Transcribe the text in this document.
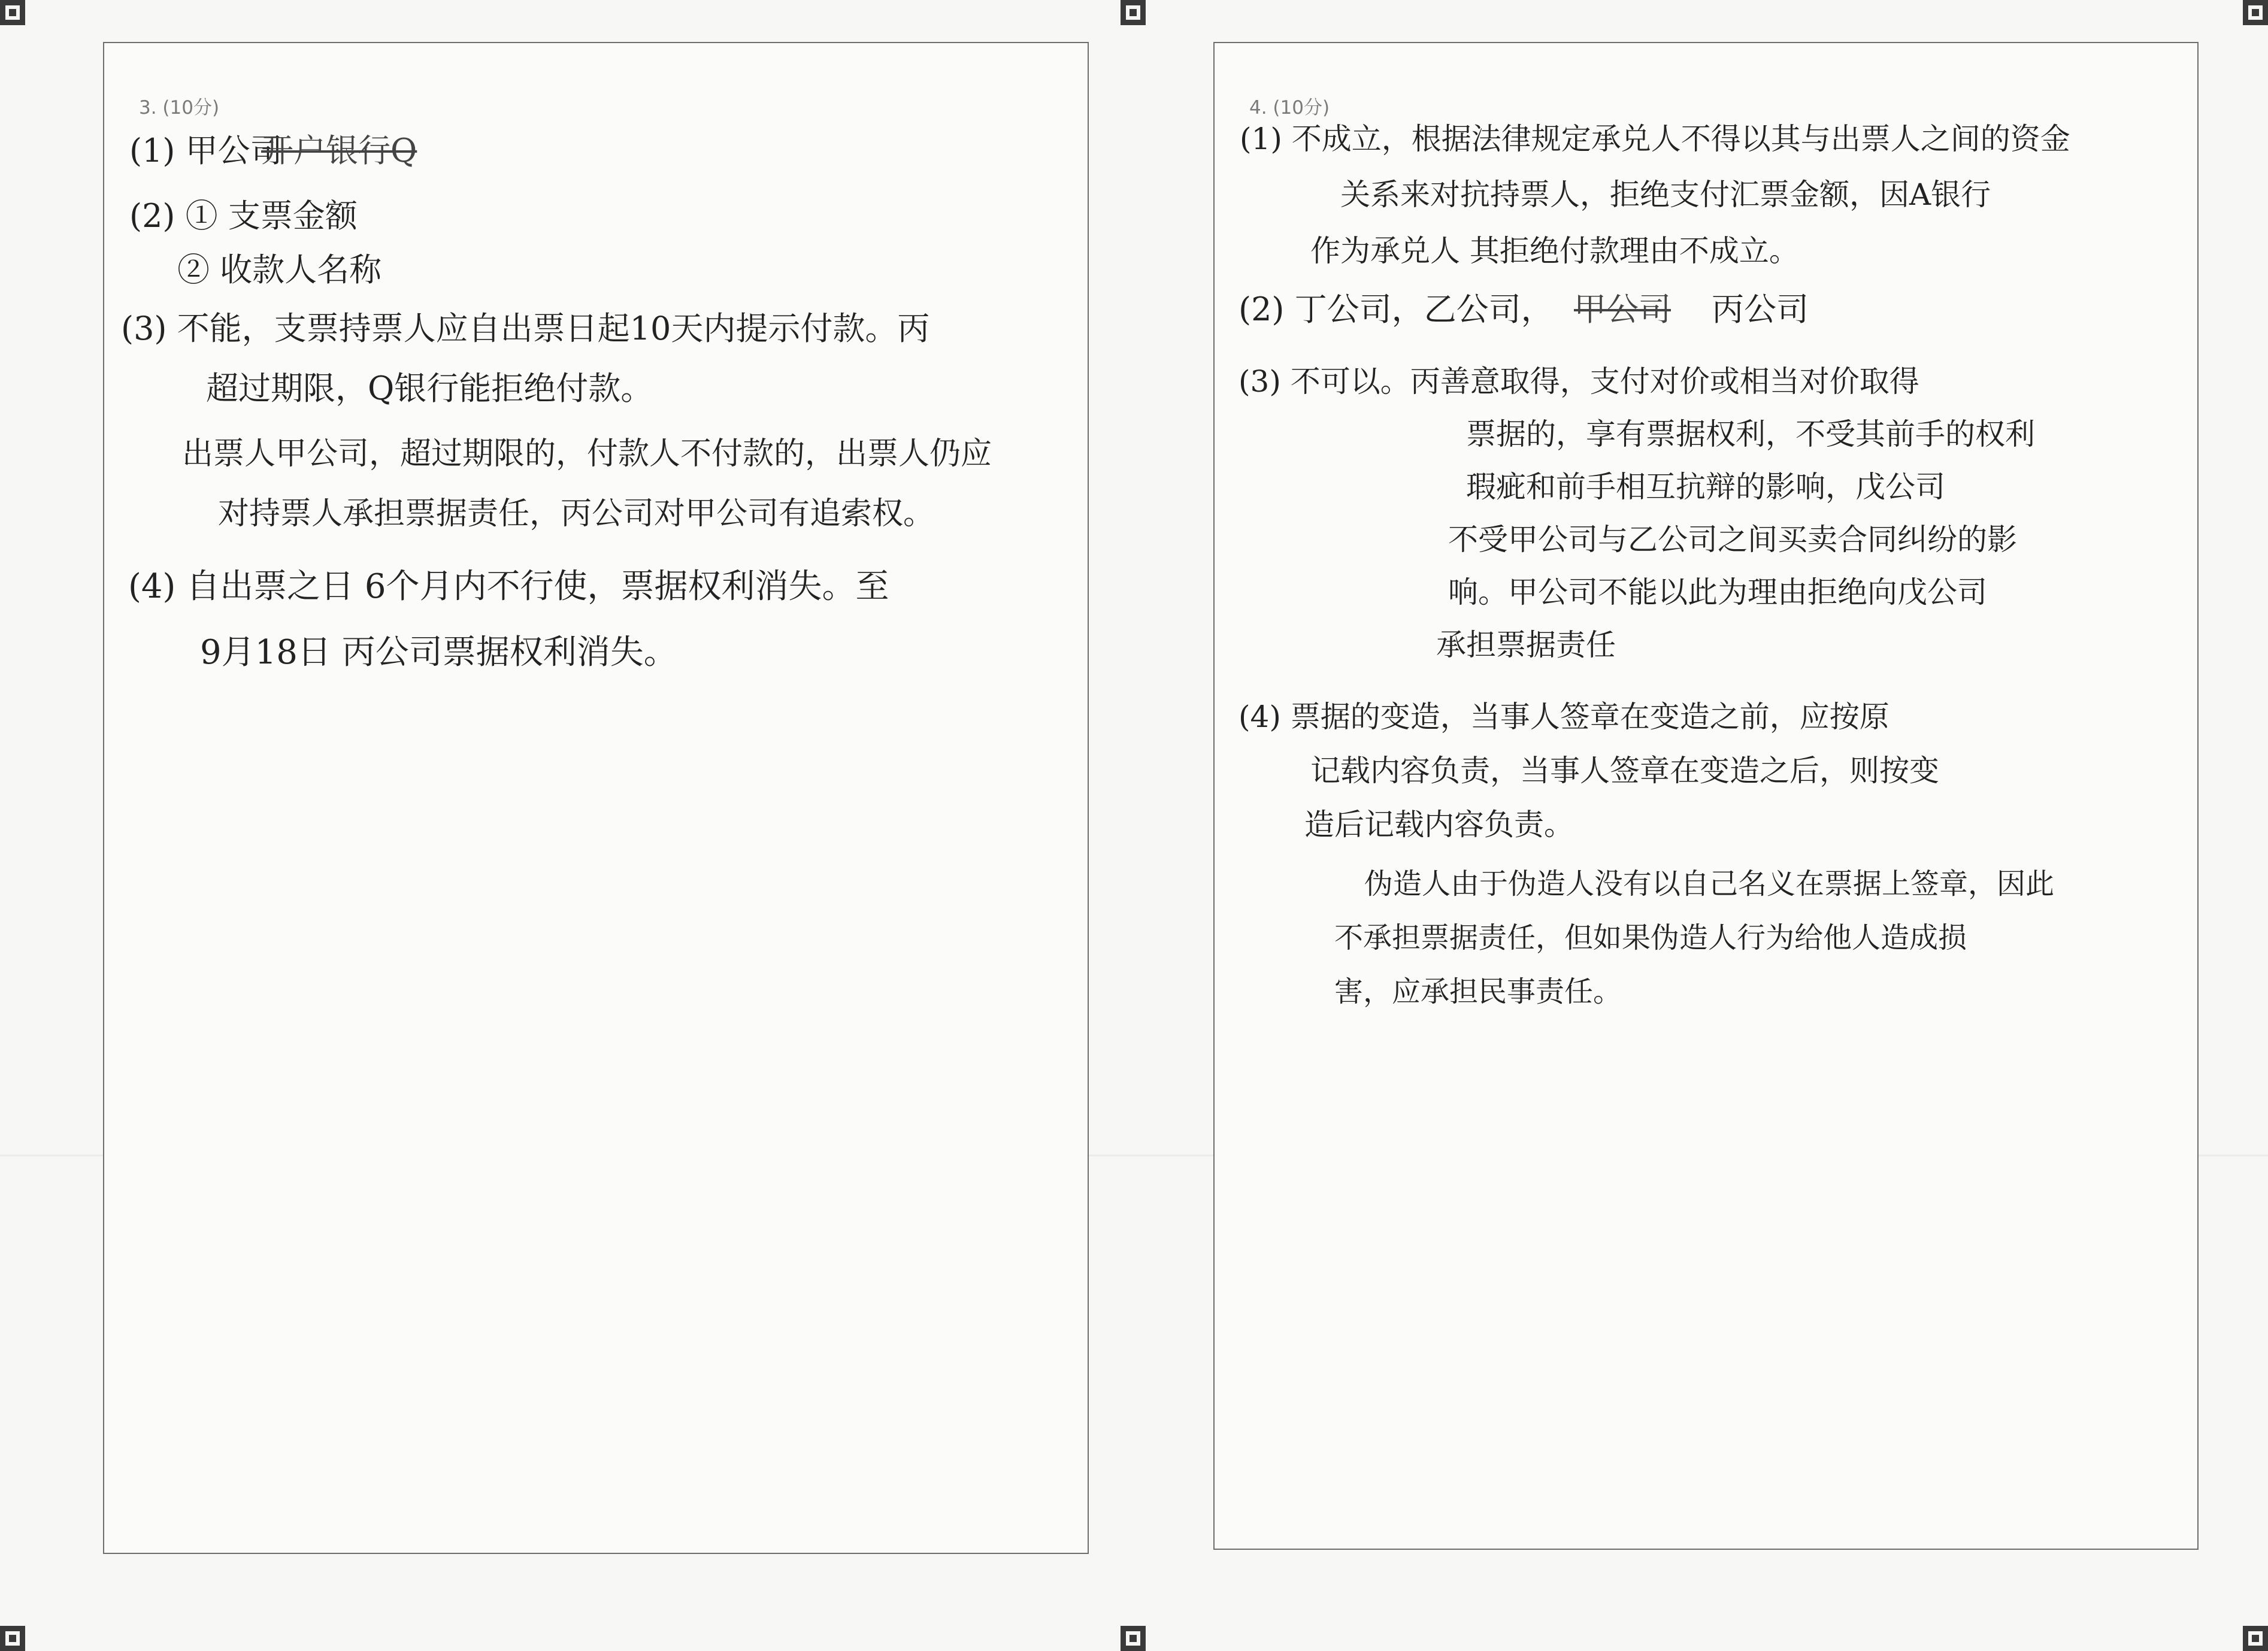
3. (10分)
(1) 甲公司
开户银行Q
(2) ① 支票金额
② 收款人名称
(3) 不能，支票持票人应自出票日起10天内提示付款。丙
超过期限，Q银行能拒绝付款。
出票人甲公司，超过期限的，付款人不付款的，出票人仍应
对持票人承担票据责任，丙公司对甲公司有追索权。
(4) 自出票之日 6个月内不行使，票据权利消失。至
9月18日 丙公司票据权利消失。
4. (10分)
(1) 不成立，根据法律规定承兑人不得以其与出票人之间的资金
关系来对抗持票人，拒绝支付汇票金额，因A银行
作为承兑人 其拒绝付款理由不成立。
(2) 丁公司，乙公司， 甲公司 丙公司
(3) 不可以。丙善意取得，支付对价或相当对价取得
票据的，享有票据权利，不受其前手的权利
瑕疵和前手相互抗辩的影响，戊公司
不受甲公司与乙公司之间买卖合同纠纷的影
响。甲公司不能以此为理由拒绝向戊公司
承担票据责任
(4) 票据的变造，当事人签章在变造之前，应按原
记载内容负责，当事人签章在变造之后，则按变
造后记载内容负责。
伪造人由于伪造人没有以自己名义在票据上签章，因此
不承担票据责任，但如果伪造人行为给他人造成损
害，应承担民事责任。
